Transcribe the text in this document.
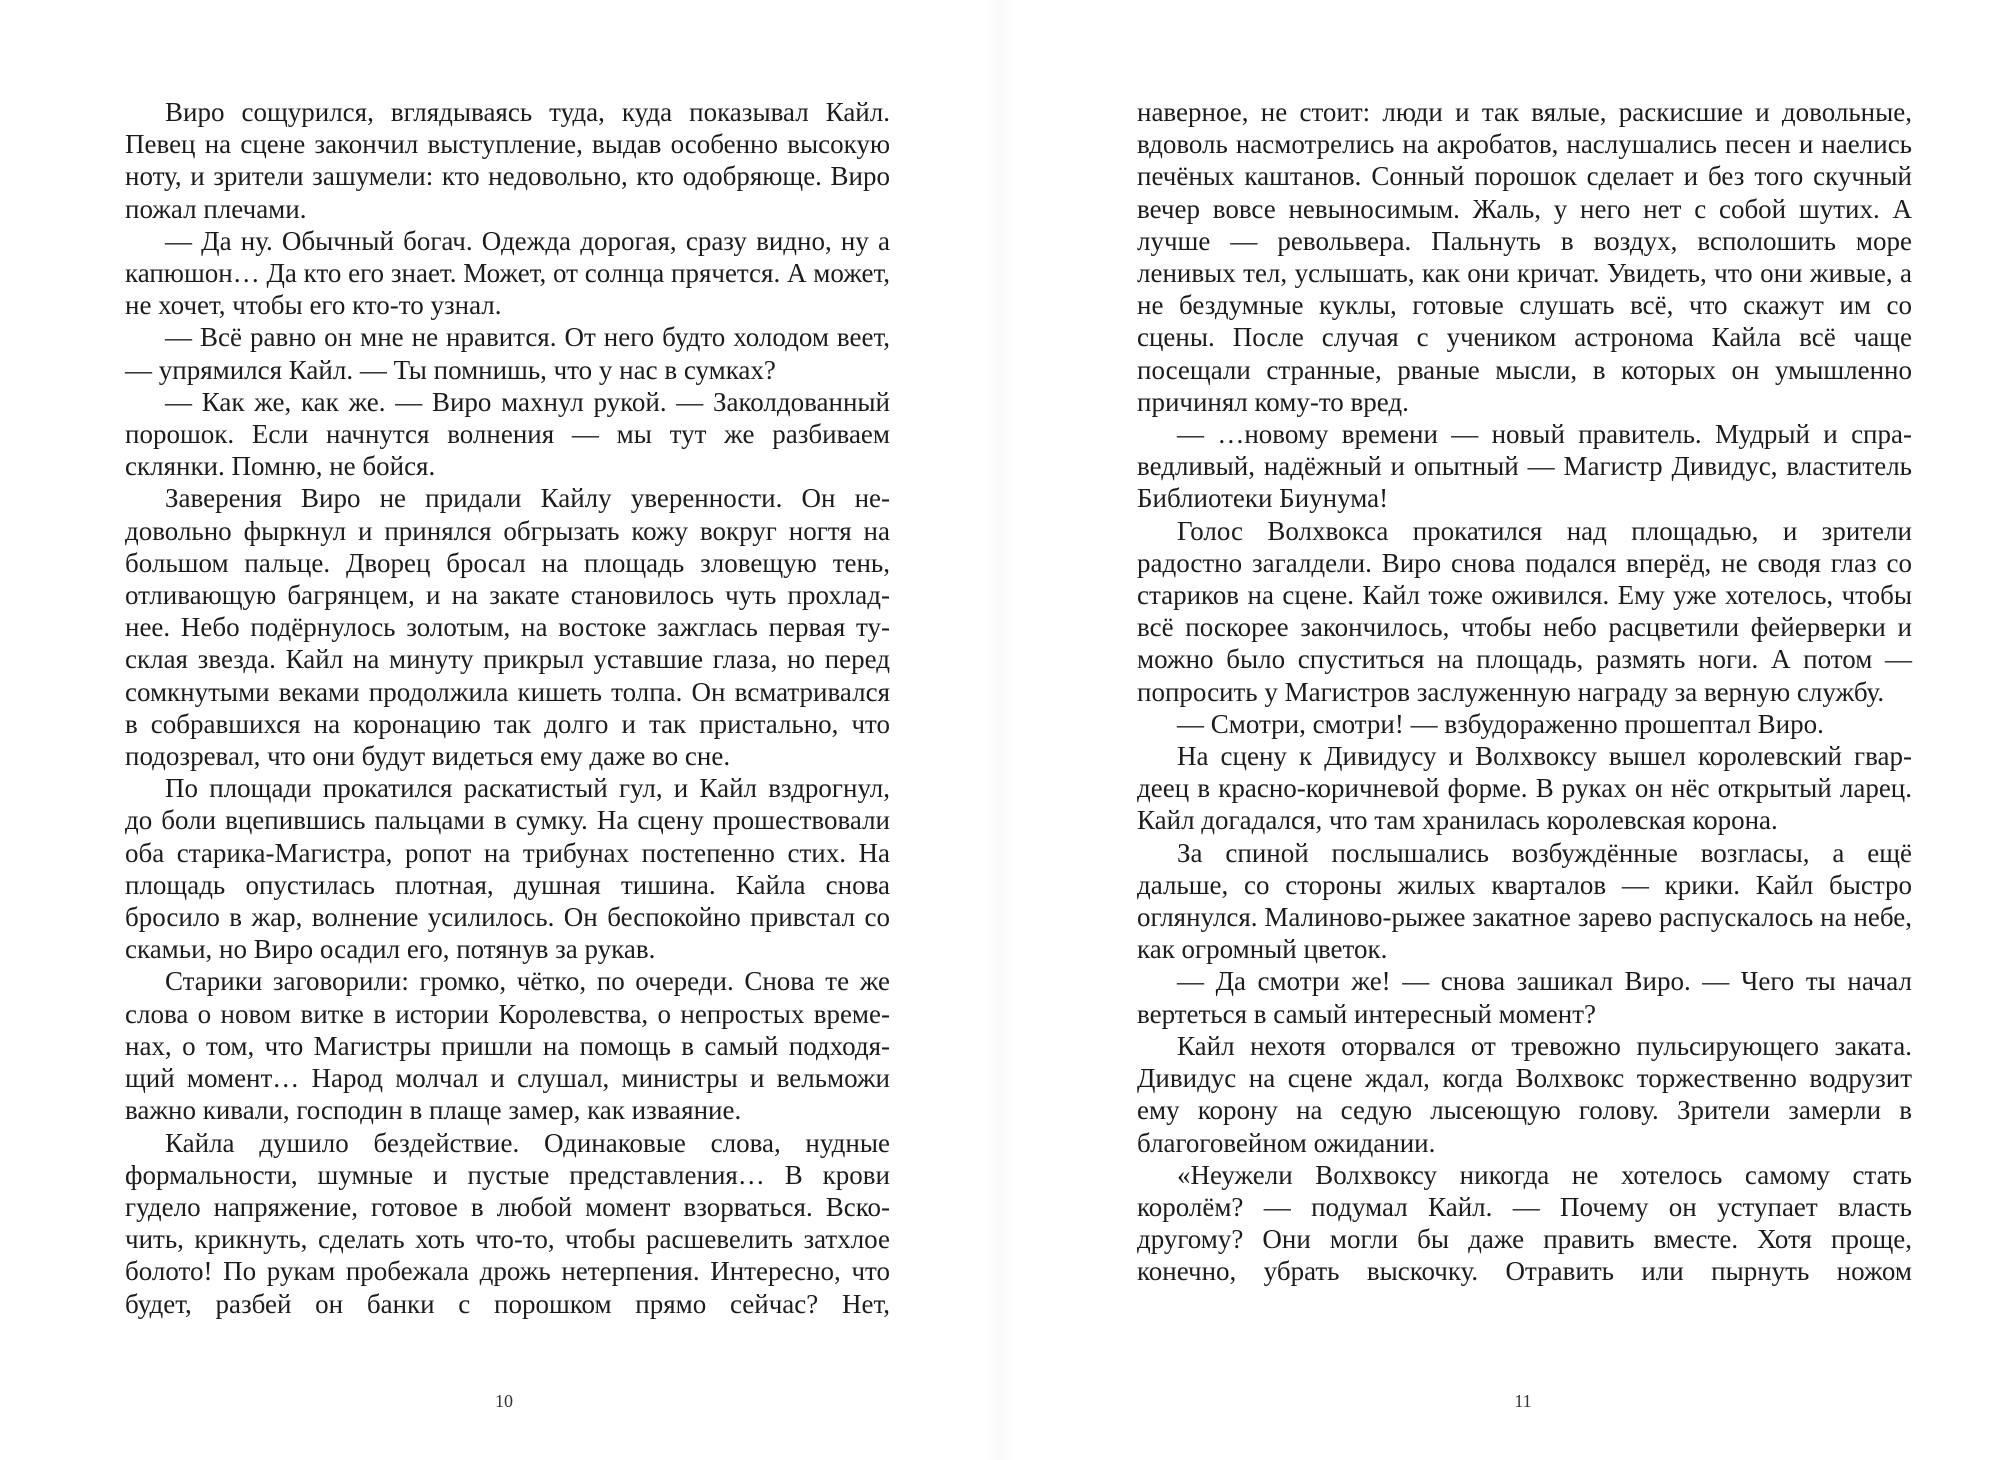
Виро сощурился, вглядываясь туда, куда показывал Кайл. Певец на сцене закончил выступление, выдав особенно высокую ноту, и зрители зашумели: кто недовольно, кто одобряюще. Виро пожал плечами.

— Да ну. Обычный богач. Одежда дорогая, сразу видно, ну а капюшон… Да кто его знает. Может, от солнца прячется. А может, не хочет, чтобы его кто-то узнал.

— Всё равно он мне не нравится. От него будто холодом веет, — упрямился Кайл. — Ты помнишь, что у нас в сумках?

— Как же, как же. — Виро махнул рукой. — Заколдованный порошок. Если начнутся волнения — мы тут же разбиваем склянки. Помню, не бойся.

Заверения Виро не придали Кайлу уверенности. Он недовольно фыркнул и принялся обгрызать кожу вокруг ногтя на большом пальце. Дворец бросал на площадь зловещую тень, отливающую багрянцем, и на закате становилось чуть прохладнее. Небо подёрнулось золотым, на востоке зажглась первая тусклая звезда. Кайл на минуту прикрыл уставшие глаза, но перед сомкнутыми веками продолжила кишеть толпа. Он всматривался в собравшихся на коронацию так долго и так пристально, что подозревал, что они будут видеться ему даже во сне.

По площади прокатился раскатистый гул, и Кайл вздрогнул, до боли вцепившись пальцами в сумку. На сцену прошествовали оба старика-Магистра, ропот на трибунах постепенно стих. На площадь опустилась плотная, душная тишина. Кайла снова бросило в жар, волнение усилилось. Он беспокойно привстал со скамьи, но Виро осадил его, потянув за рукав.

Старики заговорили: громко, чётко, по очереди. Снова те же слова о новом витке в истории Королевства, о непростых временах, о том, что Магистры пришли на помощь в самый подходящий момент… Народ молчал и слушал, министры и вельможи важно кивали, господин в плаще замер, как изваяние.

Кайла душило бездействие. Одинаковые слова, нудные формальности, шумные и пустые представления… В крови гудело напряжение, готовое в любой момент взорваться. Вскочить, крикнуть, сделать хоть что-то, чтобы расшевелить затхлое болото! По рукам пробежала дрожь нетерпения. Интересно, что будет, разбей он банки с порошком прямо сейчас? Нет,

10

наверное, не стоит: люди и так вялые, раскисшие и довольные, вдоволь насмотрелись на акробатов, наслушались песен и наелись печёных каштанов. Сонный порошок сделает и без того скучный вечер вовсе невыносимым. Жаль, у него нет с собой шутих. А лучше — револьвера. Пальнуть в воздух, всполошить море ленивых тел, услышать, как они кричат. Увидеть, что они живые, а не бездумные куклы, готовые слушать всё, что скажут им со сцены. После случая с учеником астронома Кайла всё чаще посещали странные, рваные мысли, в которых он умышленно причинял кому-то вред.

— …новому времени — новый правитель. Мудрый и справедливый, надёжный и опытный — Магистр Дивидус, властитель Библиотеки Биунума!

Голос Волхвокса прокатился над площадью, и зрители радостно загалдели. Виро снова подался вперёд, не сводя глаз со стариков на сцене. Кайл тоже оживился. Ему уже хотелось, чтобы всё поскорее закончилось, чтобы небо расцветили фейерверки и можно было спуститься на площадь, размять ноги. А потом — попросить у Магистров заслуженную награду за верную службу.

— Смотри, смотри! — взбудораженно прошептал Виро.

На сцену к Дивидусу и Волхвоксу вышел королевский гвардеец в красно-коричневой форме. В руках он нёс открытый ларец. Кайл догадался, что там хранилась королевская корона.

За спиной послышались возбуждённые возгласы, а ещё дальше, со стороны жилых кварталов — крики. Кайл быстро оглянулся. Малиново-рыжее закатное зарево распускалось на небе, как огромный цветок.

— Да смотри же! — снова зашикал Виро. — Чего ты начал вертеться в самый интересный момент?

Кайл нехотя оторвался от тревожно пульсирующего заката. Дивидус на сцене ждал, когда Волхвокс торжественно водрузит ему корону на седую лысеющую голову. Зрители замерли в благоговейном ожидании.

«Неужели Волхвоксу никогда не хотелось самому стать королём? — подумал Кайл. — Почему он уступает власть другому? Они могли бы даже править вместе. Хотя проще, конечно, убрать выскочку. Отравить или пырнуть ножом

11
